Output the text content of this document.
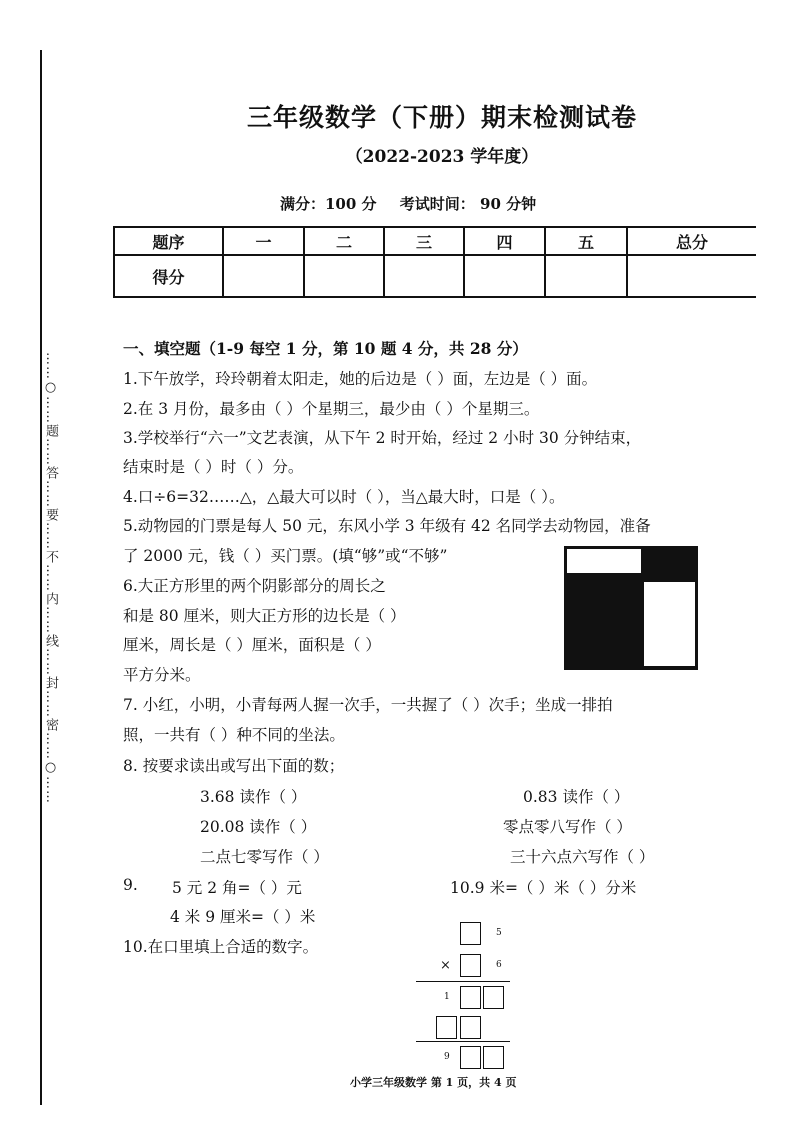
……○……题……答……要……不……内……线……封……密……○……
三年级数学（下册）期末检测试卷
（2022-2023 学年度）
满分：100 分 考试时间： 90 分钟
题序	一	二	三	四	五	总分
得分						
一、填空题（1-9 每空 1 分，第 10 题 4 分，共 28 分）
1.下午放学，玲玲朝着太阳走，她的后边是（ ）面，左边是（ ）面。
2.在 3 月份，最多由（ ）个星期三，最少由（ ）个星期三。
3.学校举行“六一”文艺表演，从下午 2 时开始，经过 2 小时 30 分钟结束，
结束时是（ ）时（ ）分。
4.口÷6=32……△，△最大可以时（ ），当△最大时，口是（ ）。
5.动物园的门票是每人 50 元，东风小学 3 年级有 42 名同学去动物园，准备
了 2000 元，钱（ ）买门票。(填“够”或“不够”
6.大正方形里的两个阴影部分的周长之
和是 80 厘米，则大正方形的边长是（ ）
厘米，周长是（ ）厘米，面积是（ ）
平方分米。
7. 小红，小明，小青每两人握一次手，一共握了（ ）次手；坐成一排拍
照，一共有（ ）种不同的坐法。
8. 按要求读出或写出下面的数；
3.68 读作（ ）	0.83 读作（ ）
20.08 读作（ ）	零点零八写作（ ）
二点七零写作（ ）	三十六点六写作（ ）
9. 5 元 2 角=（ ）元	10.9 米=（ ）米（ ）分米
4 米 9 厘米=（ ）米
10.在口里填上合适的数字。
5
×	6
1
9
小学三年级数学 第 1 页，共 4 页
